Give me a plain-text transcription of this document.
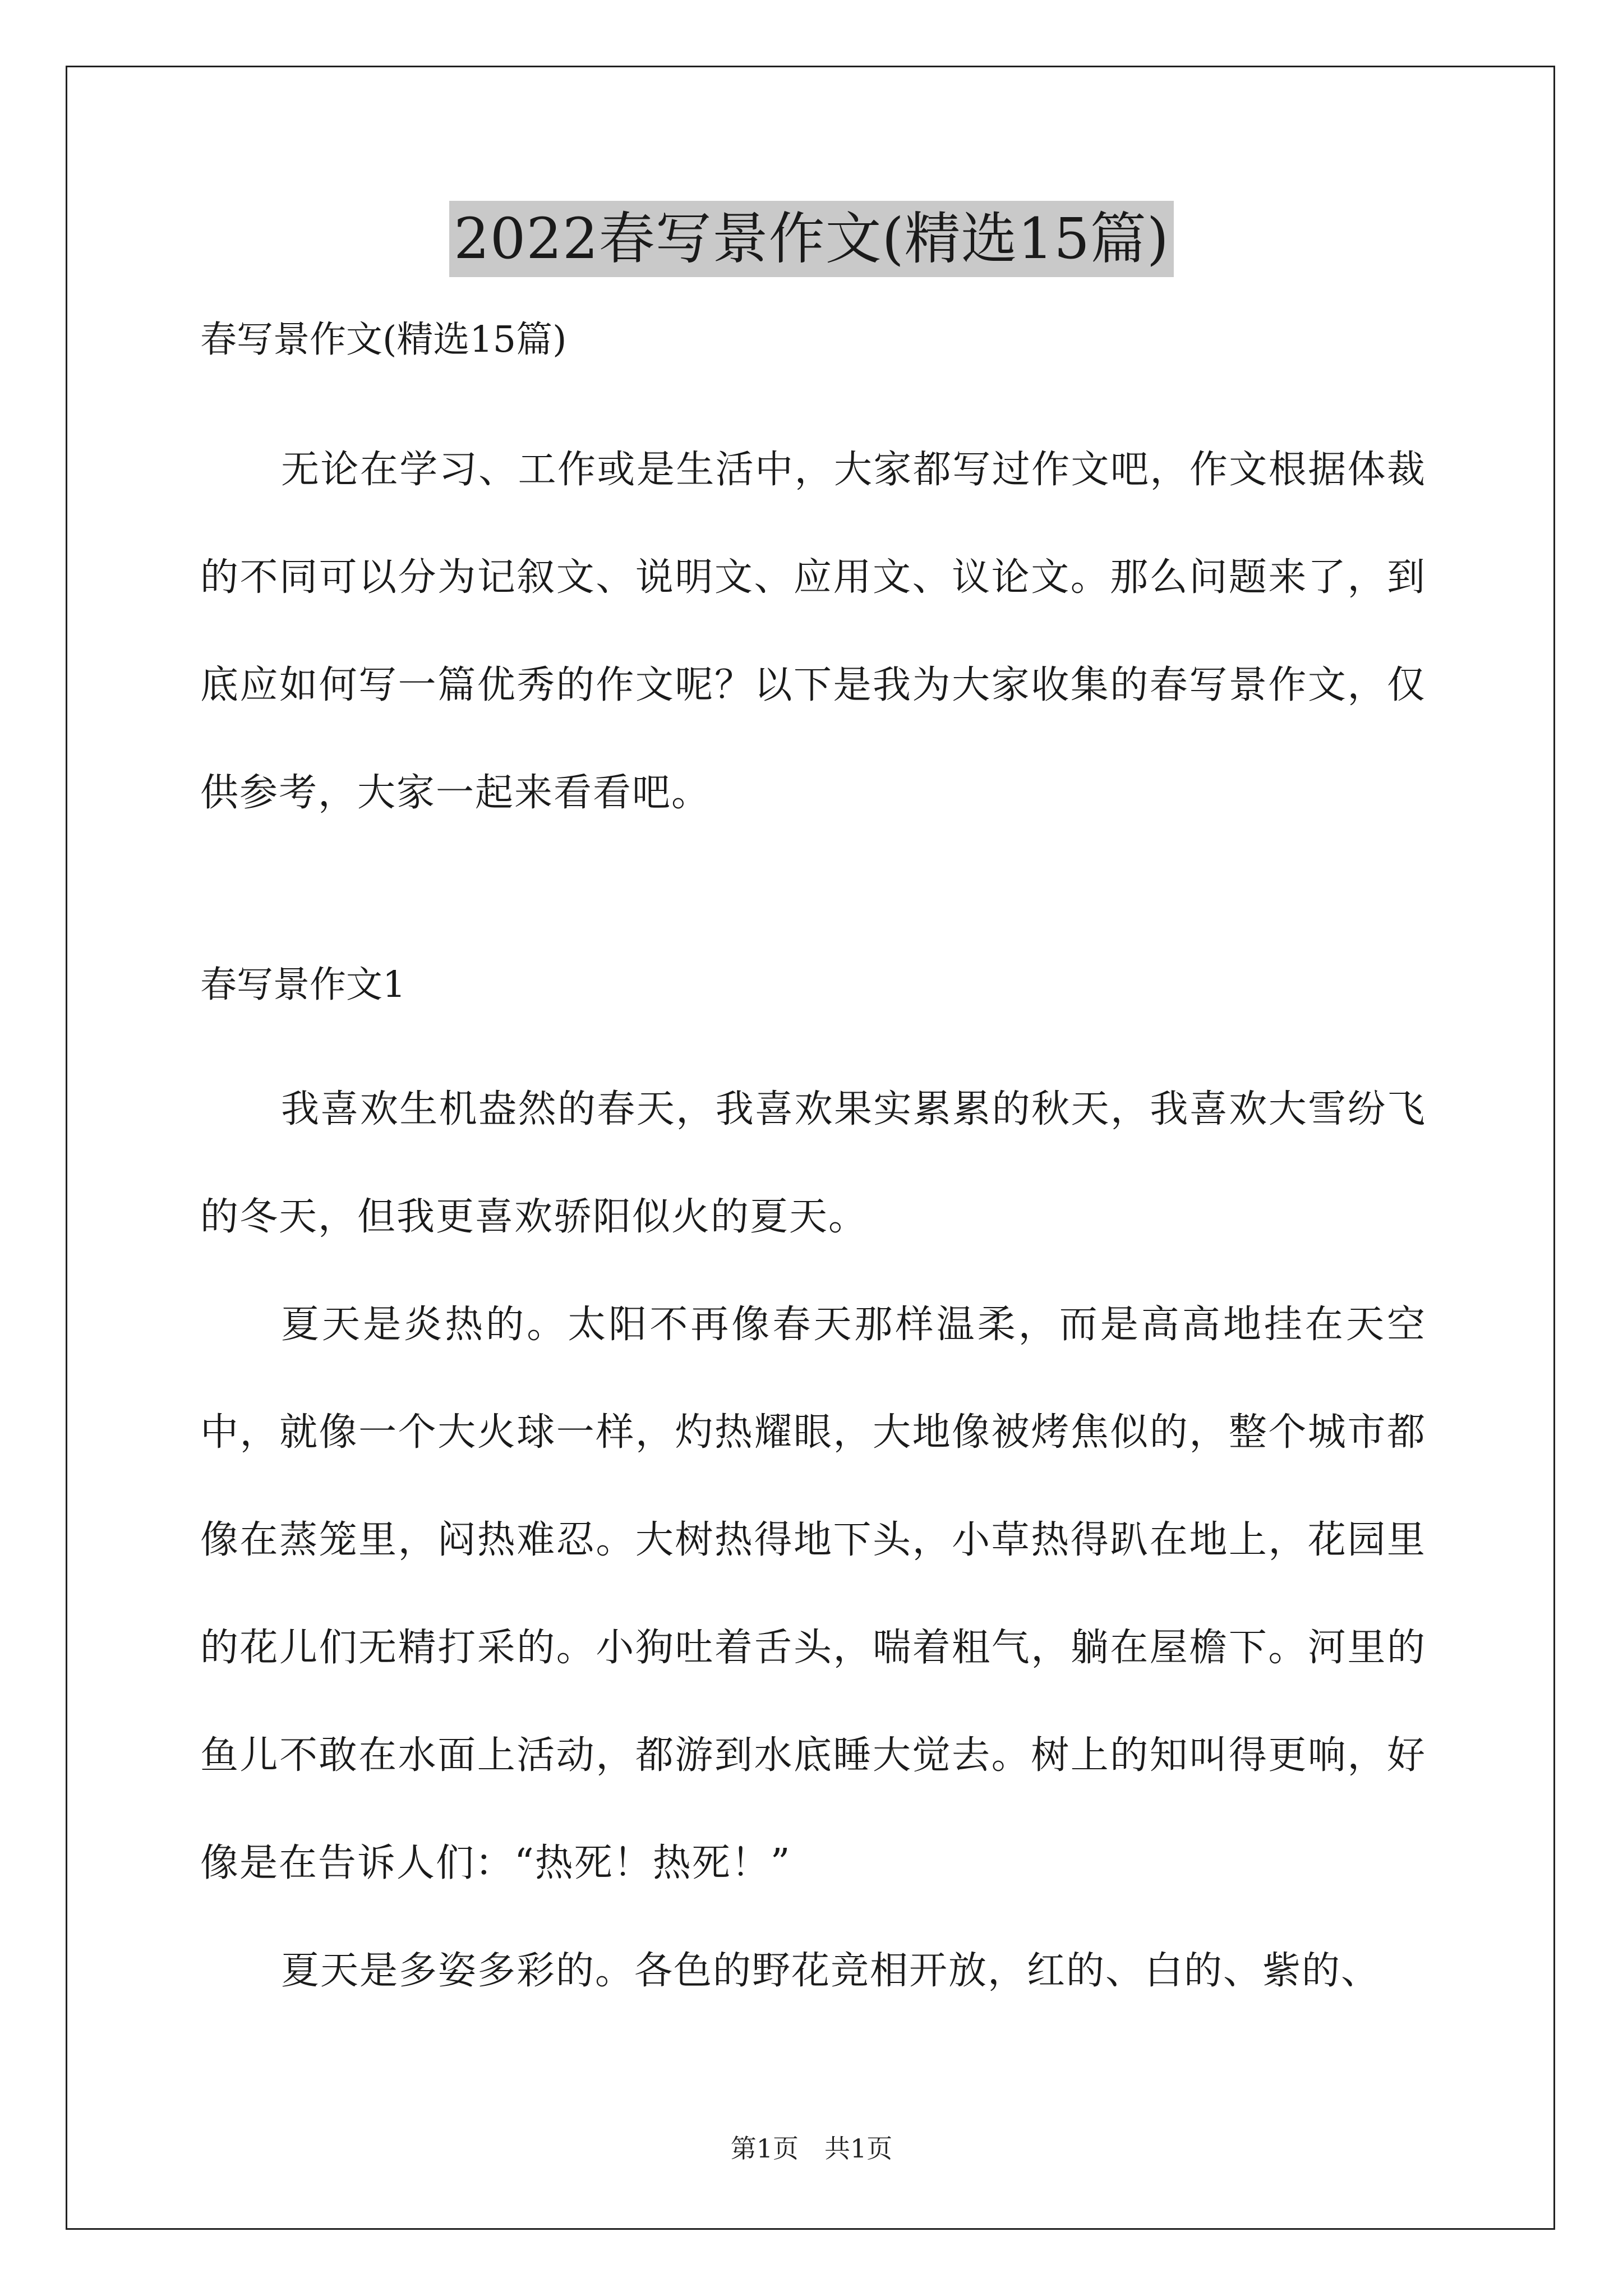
2022春写景作文(精选15篇)
春写景作文(精选15篇)

无论在学习、工作或是生活中，大家都写过作文吧，作文根据体裁的不同可以分为记叙文、说明文、应用文、议论文。那么问题来了，到底应如何写一篇优秀的作文呢？以下是我为大家收集的春写景作文，仅供参考，大家一起来看看吧。

春写景作文1

我喜欢生机盎然的春天，我喜欢果实累累的秋天，我喜欢大雪纷飞的冬天，但我更喜欢骄阳似火的夏天。

夏天是炎热的。太阳不再像春天那样温柔，而是高高地挂在天空中，就像一个大火球一样，灼热耀眼，大地像被烤焦似的，整个城市都像在蒸笼里，闷热难忍。大树热得地下头，小草热得趴在地上，花园里的花儿们无精打采的。小狗吐着舌头，喘着粗气，躺在屋檐下。河里的鱼儿不敢在水面上活动，都游到水底睡大觉去。树上的知叫得更响，好像是在告诉人们：“热死！热死！”

夏天是多姿多彩的。各色的野花竞相开放，红的、白的、紫的、

第1页 共1页
